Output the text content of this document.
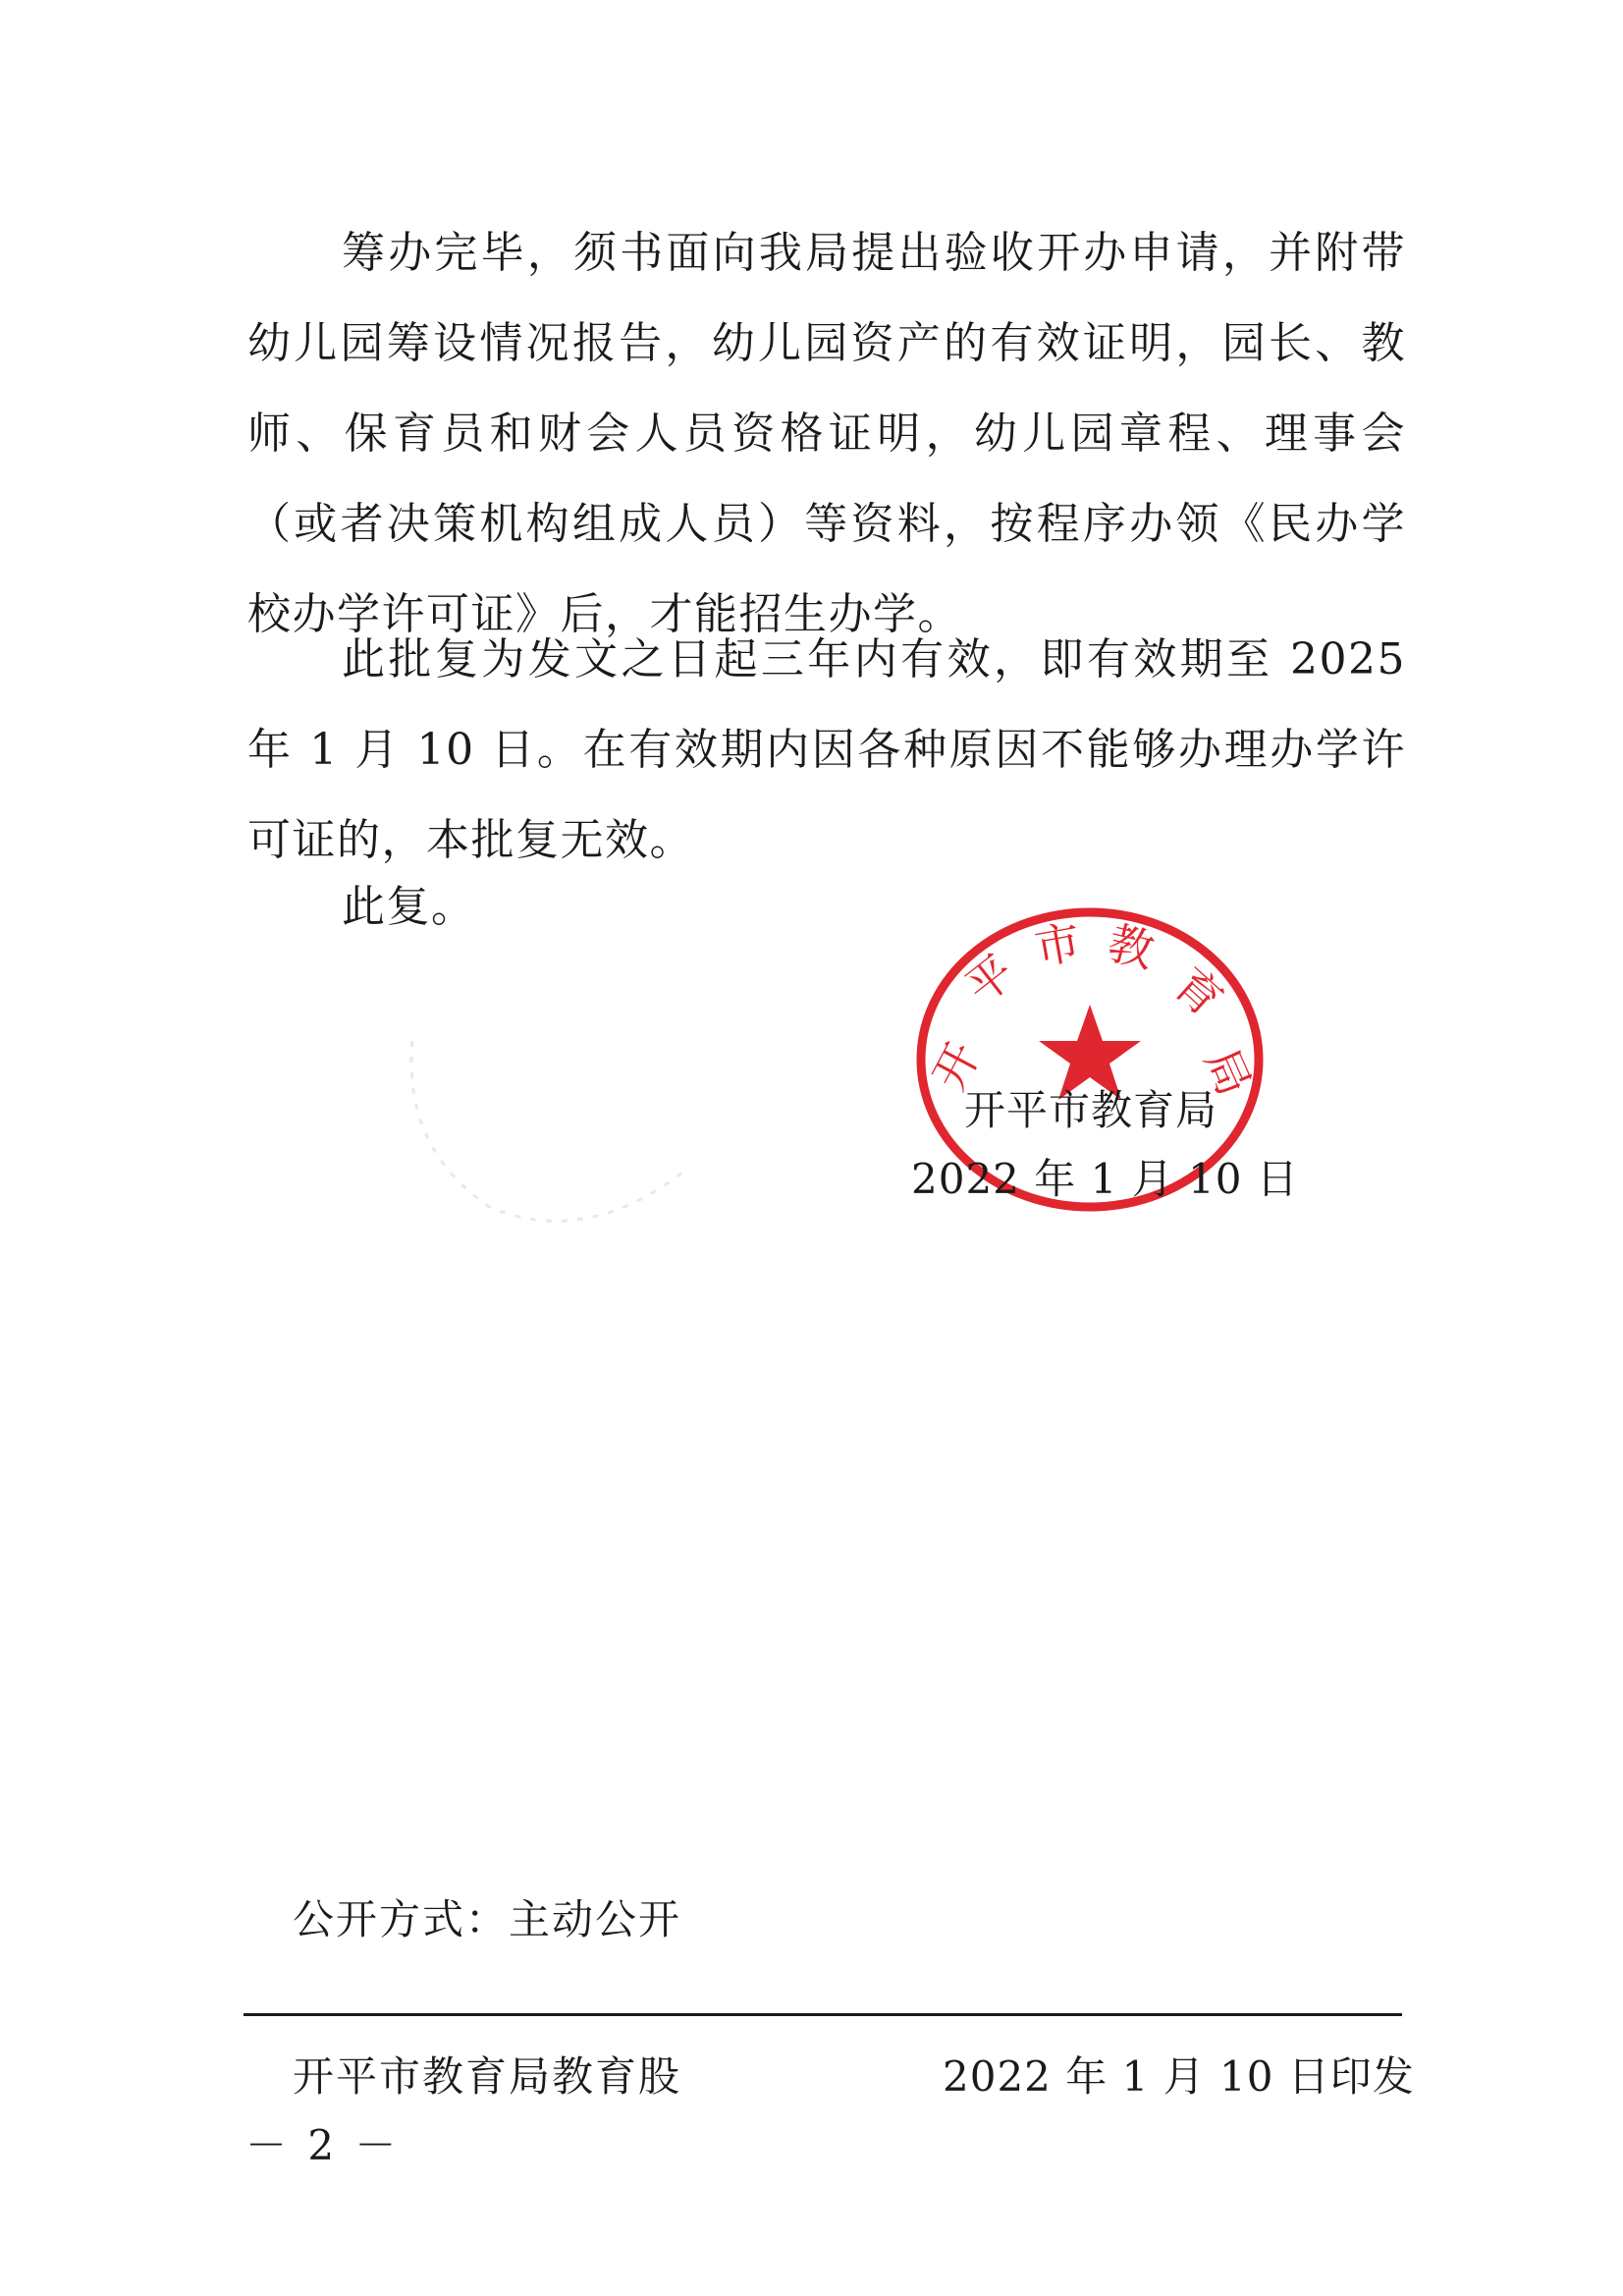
筹办完毕，须书面向我局提出验收开办申请，并附带幼儿园筹设情况报告，幼儿园资产的有效证明，园长、教师、保育员和财会人员资格证明，幼儿园章程、理事会（或者决策机构组成人员）等资料，按程序办领《民办学校办学许可证》后，才能招生办学。

此批复为发文之日起三年内有效，即有效期至 2025 年 1 月 10 日。在有效期内因各种原因不能够办理办学许可证的，本批复无效。

此复。

开
平 市 教
育
局

开平市教育局

2022 年 1 月 10 日

公开方式：主动公开

开平市教育局教育股	2022 年 1 月 10 日印发

－ 2 －
